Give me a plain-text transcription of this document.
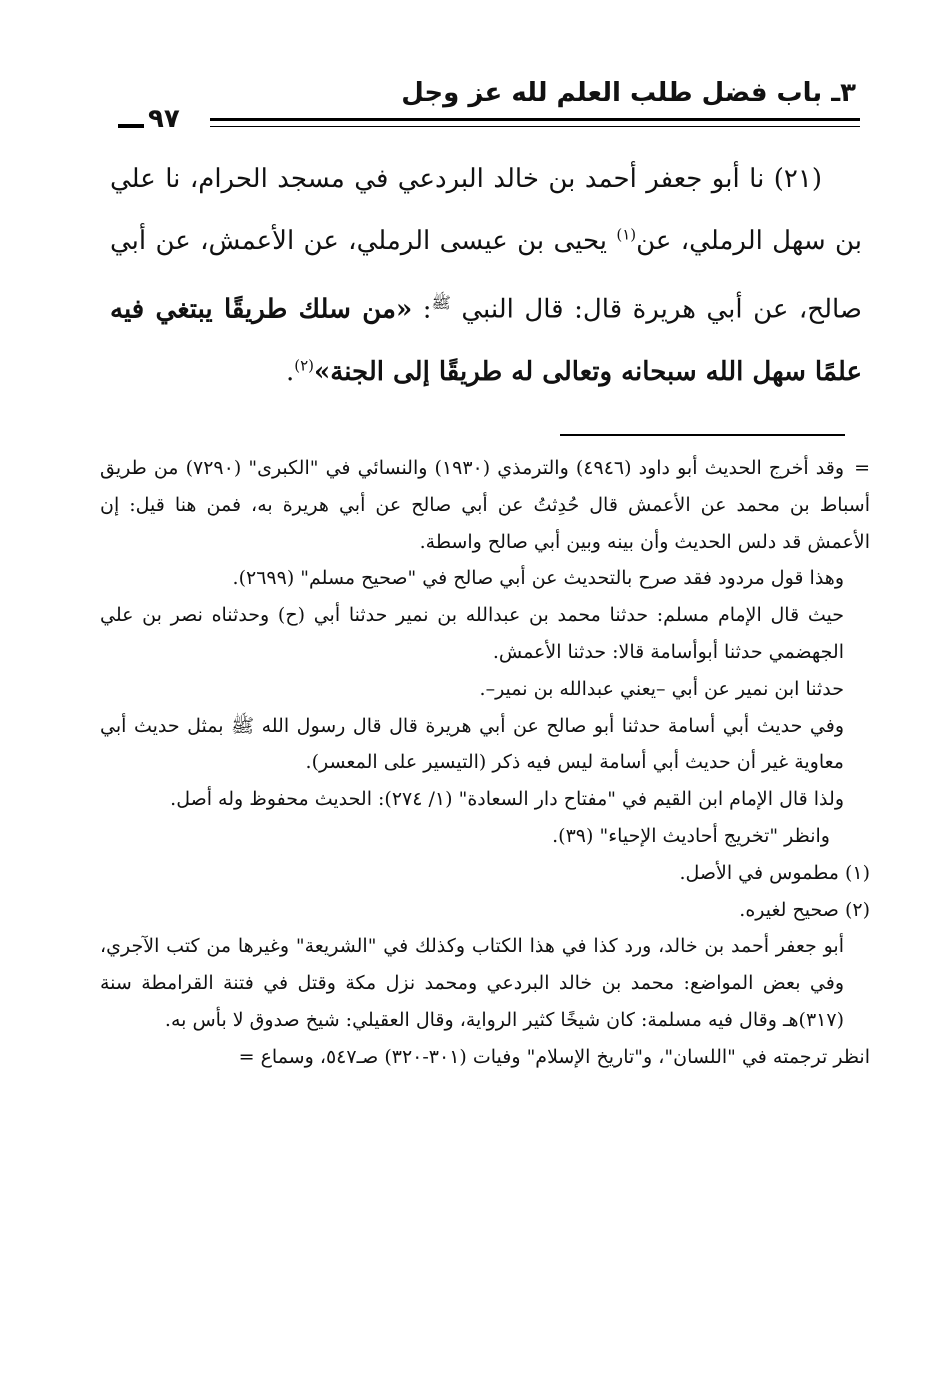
٣ـ باب فضل طلب العلم لله عز وجل
٩٧

(٢١) نا أبو جعفر أحمد بن خالد البردعي في مسجد الحرام، نا علي بن سهل الرملي، عن$^{(١)}$ يحيى بن عيسى الرملي، عن الأعمش، عن أبي صالح، عن أبي هريرة قال: قال النبي $^ﷺ$: «من سلك طريقًا يبتغي فيه علمًا سهل الله سبحانه وتعالى له طريقًا إلى الجنة»$^{(٢)}$.

=وقد أخرج الحديث أبو داود (٤٩٤٦) والترمذي (١٩٣٠) والنسائي في "الكبرى" (٧٢٩٠) من طريق أسباط بن محمد عن الأعمش قال حُدِثتُ عن أبي صالح عن أبي هريرة به، فمن هنا قيل: إن الأعمش قد دلس الحديث وأن بينه وبين أبي صالح واسطة.

وهذا قول مردود فقد صرح بالتحديث عن أبي صالح في "صحيح مسلم" (٢٦٩٩).

حيث قال الإمام مسلم: حدثنا محمد بن عبدالله بن نمير حدثنا أبي (ح) وحدثناه نصر بن علي الجهضمي حدثنا أبوأسامة قالا: حدثنا الأعمش.

حدثنا ابن نمير عن أبي –يعني عبدالله بن نمير–.

وفي حديث أبي أسامة حدثنا أبو صالح عن أبي هريرة قال قال رسول الله ﷺ بمثل حديث أبي معاوية غير أن حديث أبي أسامة ليس فيه ذكر (التيسير على المعسر).

ولذا قال الإمام ابن القيم في "مفتاح دار السعادة" (١/ ٢٧٤): الحديث محفوظ وله أصل.

وانظر "تخريج أحاديث الإحياء" (٣٩).

(١) مطموس في الأصل.

(٢) صحيح لغيره.

أبو جعفر أحمد بن خالد، ورد كذا في هذا الكتاب وكذلك في "الشريعة" وغيرها من كتب الآجري، وفي بعض المواضع: محمد بن خالد البردعي ومحمد نزل مكة وقتل في فتنة القرامطة سنة (٣١٧)هـ وقال فيه مسلمة: كان شيخًا كثير الرواية، وقال العقيلي: شيخ صدوق لا بأس به.

انظر ترجمته في "اللسان"، و"تاريخ الإسلام" وفيات (٣٠١-٣٢٠) صـ٥٤٧، وسماع =
